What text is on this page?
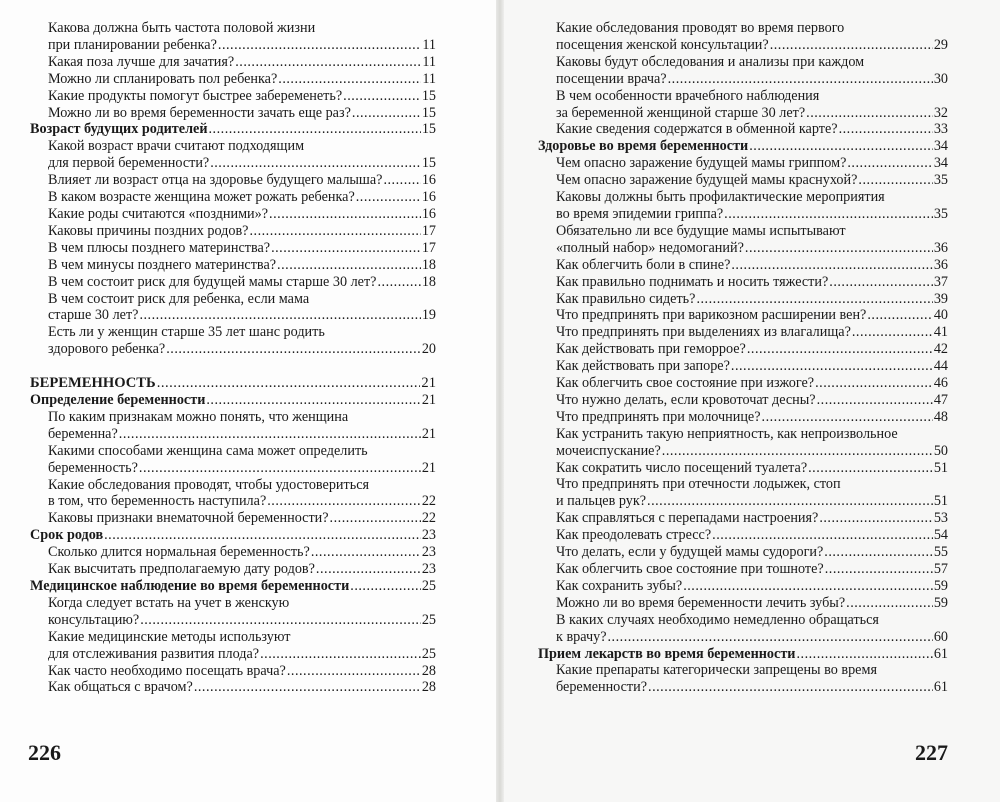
Какова должна быть частота половой жизни
при планировании ребенка? .....	11
Какая поза лучше для зачатия? .....	11
Можно ли спланировать пол ребенка? .....	11
Какие продукты помогут быстрее забеременеть? .....	15
Можно ли во время беременности зачать еще раз? .....	15
Возраст будущих родителей .....	15
Какой возраст врачи считают подходящим
для первой беременности? .....	15
Влияет ли возраст отца на здоровье будущего малыша? .....	16
В каком возрасте женщина может рожать ребенка? .....	16
Какие роды считаются «поздними»? .....	16
Каковы причины поздних родов? .....	17
В чем плюсы позднего материнства? .....	17
В чем минусы позднего материнства? .....	18
В чем состоит риск для будущей мамы старше 30 лет? .....	18
В чем состоит риск для ребенка, если мама
старше 30 лет? .....	19
Есть ли у женщин старше 35 лет шанс родить
здорового ребенка? .....	20
БЕРЕМЕННОСТЬ .....	21
Определение беременности .....	21
По каким признакам можно понять, что женщина
беременна? .....	21
Какими способами женщина сама может определить
беременность? .....	21
Какие обследования проводят, чтобы удостовериться
в том, что беременность наступила? .....	22
Каковы признаки внематочной беременности? .....	22
Срок родов .....	23
Сколько длится нормальная беременность? .....	23
Как высчитать предполагаемую дату родов? .....	23
Медицинское наблюдение во время беременности .....	25
Когда следует встать на учет в женскую
консультацию? .....	25
Какие медицинские методы используют
для отслеживания развития плода? .....	25
Как часто необходимо посещать врача? .....	28
Как общаться с врачом? .....	28
226
Какие обследования проводят во время первого
посещения женской консультации? .....	29
Каковы будут обследования и анализы при каждом
посещении врача? .....	30
В чем особенности врачебного наблюдения
за беременной женщиной старше 30 лет? .....	32
Какие сведения содержатся в обменной карте? .....	33
Здоровье во время беременности .....	34
Чем опасно заражение будущей мамы гриппом? .....	34
Чем опасно заражение будущей мамы краснухой? .....	35
Каковы должны быть профилактические мероприятия
во время эпидемии гриппа? .....	35
Обязательно ли все будущие мамы испытывают
«полный набор» недомоганий? .....	36
Как облегчить боли в спине? .....	36
Как правильно поднимать и носить тяжести? .....	37
Как правильно сидеть? .....	39
Что предпринять при варикозном расширении вен? .....	40
Что предпринять при выделениях из влагалища? .....	41
Как действовать при геморрое? .....	42
Как действовать при запоре? .....	44
Как облегчить свое состояние при изжоге? .....	46
Что нужно делать, если кровоточат десны? .....	47
Что предпринять при молочнице? .....	48
Как устранить такую неприятность, как непроизвольное
мочеиспускание? .....	50
Как сократить число посещений туалета? .....	51
Что предпринять при отечности лодыжек, стоп
и пальцев рук? .....	51
Как справляться с перепадами настроения? .....	53
Как преодолевать стресс? .....	54
Что делать, если у будущей мамы судороги? .....	55
Как облегчить свое состояние при тошноте? .....	57
Как сохранить зубы? .....	59
Можно ли во время беременности лечить зубы? .....	59
В каких случаях необходимо немедленно обращаться
к врачу? .....	60
Прием лекарств во время беременности .....	61
Какие препараты категорически запрещены во время
беременности? .....	61
227
